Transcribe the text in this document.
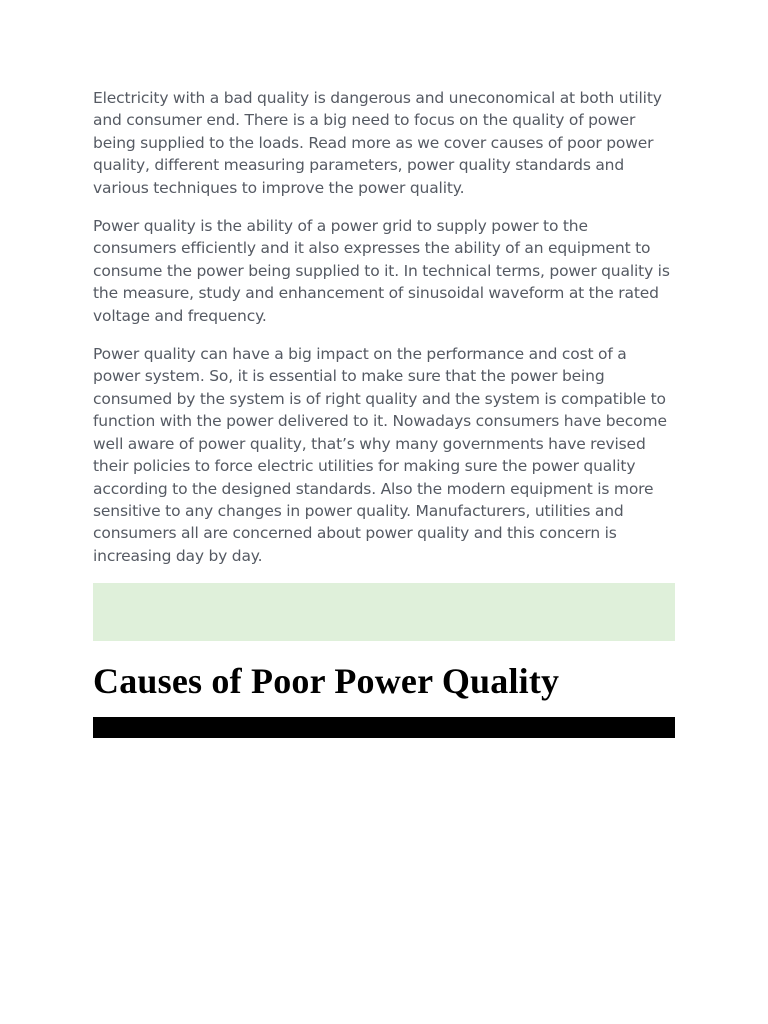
Electricity with a bad quality is dangerous and uneconomical at both utility and consumer end. There is a big need to focus on the quality of power being supplied to the loads. Read more as we cover causes of poor power quality, different measuring parameters, power quality standards and various techniques to improve the power quality.

Power quality is the ability of a power grid to supply power to the consumers efficiently and it also expresses the ability of an equipment to consume the power being supplied to it. In technical terms, power quality is the measure, study and enhancement of sinusoidal waveform at the rated voltage and frequency.

Power quality can have a big impact on the performance and cost of a power system. So, it is essential to make sure that the power being consumed by the system is of right quality and the system is compatible to function with the power delivered to it. Nowadays consumers have become well aware of power quality, that’s why many governments have revised their policies to force electric utilities for making sure the power quality according to the designed standards. Also the modern equipment is more sensitive to any changes in power quality. Manufacturers, utilities and consumers all are concerned about power quality and this concern is increasing day by day.

Causes of Poor Power Quality
